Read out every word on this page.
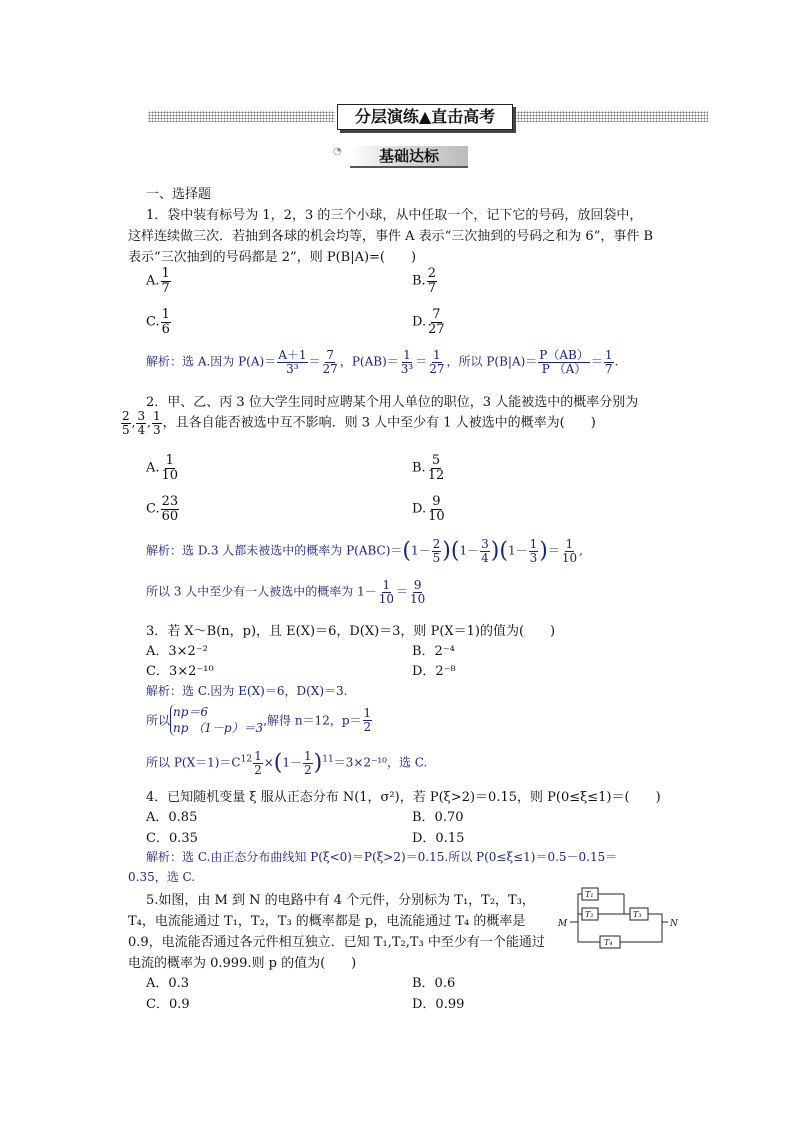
分层演练▲直击高考
基础达标
◔
一、选择题
1．袋中装有标号为 1，2，3 的三个小球，从中任取一个，记下它的号码，放回袋中，
这样连续做三次．若抽到各球的机会均等，事件 A 表示“三次抽到的号码之和为 6”，事件 B
表示“三次抽到的号码都是 2”，则 P(B|A)=(　　)
A. $\frac{1}{7}$	B. $\frac{2}{7}$
C. $\frac{1}{6}$	D. $\frac{7}{27}$
解析：选 A.因为 $P(A)= \frac{A+1}{\text{3³}} = \frac{7}{27}$ ，$P(AB)= \frac{1}{\text{3³}} = \frac{1}{27}$ ，所以 $P(B|A)= \frac{P(AB)}{P (A)} = \frac{1}{7}$ .
2．甲、乙、丙 3 位大学生同时应聘某个用人单位的职位，3 人能被选中的概率分别为
$\frac{2}{5}$ , $\frac{3}{4}$ , $\frac{1}{3}$ ，且各自能否被选中互不影响．则 3 人中至少有 1 人被选中的概率为(　　)
A. $\frac{1}{10}$	B. $\frac{5}{12}$
C. $\frac{23}{60}$	D. $\frac{9}{10}$
解析：选 D.3 人都未被选中的概率为 $P(ABC)=(1- \frac{2}{5} )(1- \frac{3}{4} )(1- \frac{1}{3}$ )＝ $\frac{1}{10}$ ,
所以 3 人中至少有一人被选中的概率为 $1- \frac{1}{10} = \frac{9}{10}$
3．若 X～B(n，p)，且 E(X)＝6，D(X)＝3，则 P(X＝1)的值为(　　)
A．3×2⁻²	B．2⁻⁴
C．3×2⁻¹⁰	D．2⁻⁸
解析：选 C.因为 E(X)＝6，D(X)＝3.
所以
np＝6
np （1－p）＝3
,解得 n＝12，$p= \frac{1}{2}$
所以 $P(X=1)=C^{12} \frac{1}{2} \times(1- \frac{1}{2} )^{11}=3\times 2^{-10}$，选 C.
4．已知随机变量 ξ 服从正态分布 N(1，σ²)，若 P(ξ>2)＝0.15，则 P(0≤ξ≤1)＝(　　)
A．0.85	B．0.70
C．0.35	D．0.15
解析：选 C.由正态分布曲线知 P(ξ<0)＝P(ξ>2)＝0.15.所以 P(0≤ξ≤1)＝0.5－0.15＝
0.35，选 C.
5.如图，由 M 到 N 的电路中有 4 个元件，分别标为 T₁，T₂，T₃，
T₄，电流能通过 T₁，T₂，T₃ 的概率都是 p，电流能通过 T₄ 的概率是
0.9，电流能否通过各元件相互独立．已知 T₁,T₂,T₃ 中至少有一个能通过
电流的概率为 0.999.则 p 的值为(　　)
A．0.3	B．0.6
C．0.9	D．0.99
T₁
T₂	T₃
T₄
M	N
